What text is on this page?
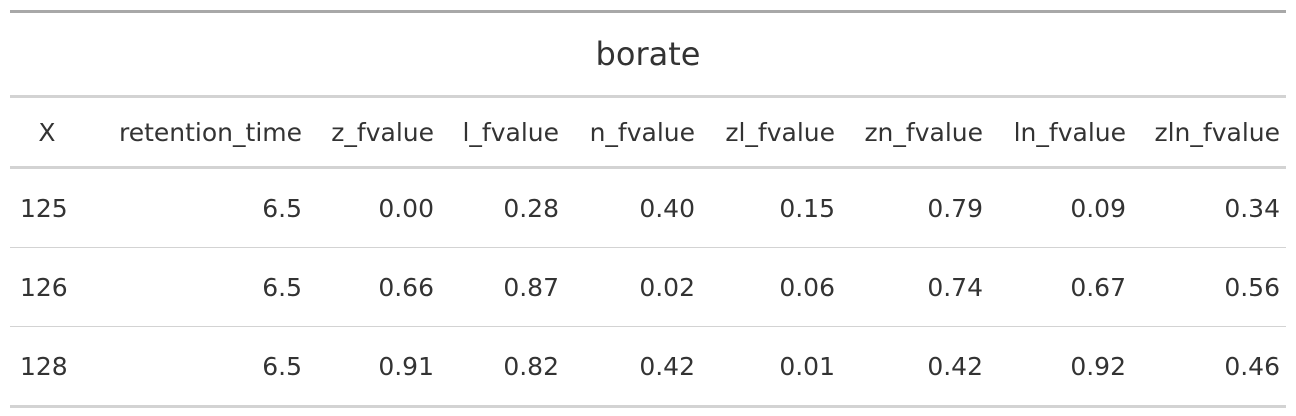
borate								
X	retention_time	z_fvalue	l_fvalue	n_fvalue	zl_fvalue	zn_fvalue	ln_fvalue	zln_fvalue
125	6.5	0.00	0.28	0.40	0.15	0.79	0.09	0.34
126	6.5	0.66	0.87	0.02	0.06	0.74	0.67	0.56
128	6.5	0.91	0.82	0.42	0.01	0.42	0.92	0.46
